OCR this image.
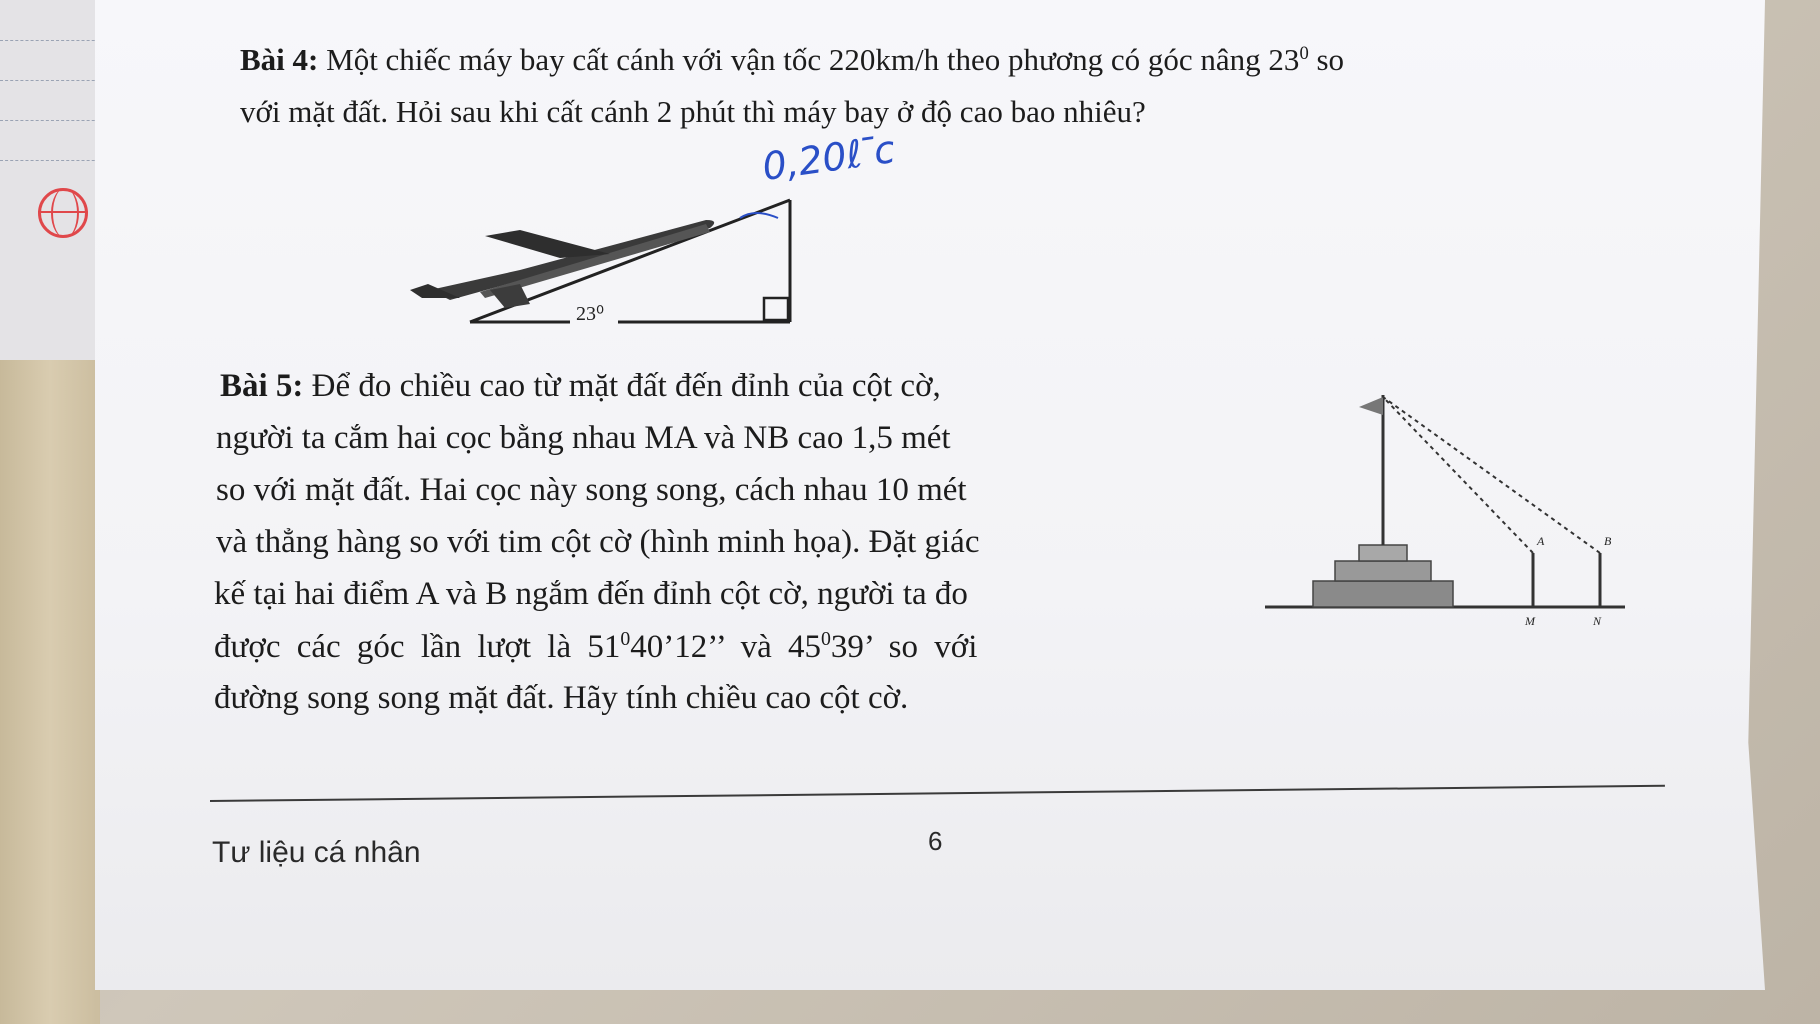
Bài 4: Một chiếc máy bay cất cánh với vận tốc 220km/h theo phương có góc nâng $23^0$ so
với mặt đất. Hỏi sau khi cất cánh 2 phút thì máy bay ở độ cao bao nhiêu?
0,20ℓ ̄c
23⁰
Bài 5: Để đo chiều cao từ mặt đất đến đỉnh của cột cờ,
người ta cắm hai cọc bằng nhau MA và NB cao 1,5 mét
so với mặt đất. Hai cọc này song song, cách nhau 10 mét
và thẳng hàng so với tim cột cờ (hình minh họa). Đặt giác
kế tại hai điểm A và B ngắm đến đỉnh cột cờ, người ta đo
được các góc lần lượt là $51^040’12$’’ và $45^039$’ so với
đường song song mặt đất. Hãy tính chiều cao cột cờ.
A	B
M	N
Tư liệu cá nhân	6
